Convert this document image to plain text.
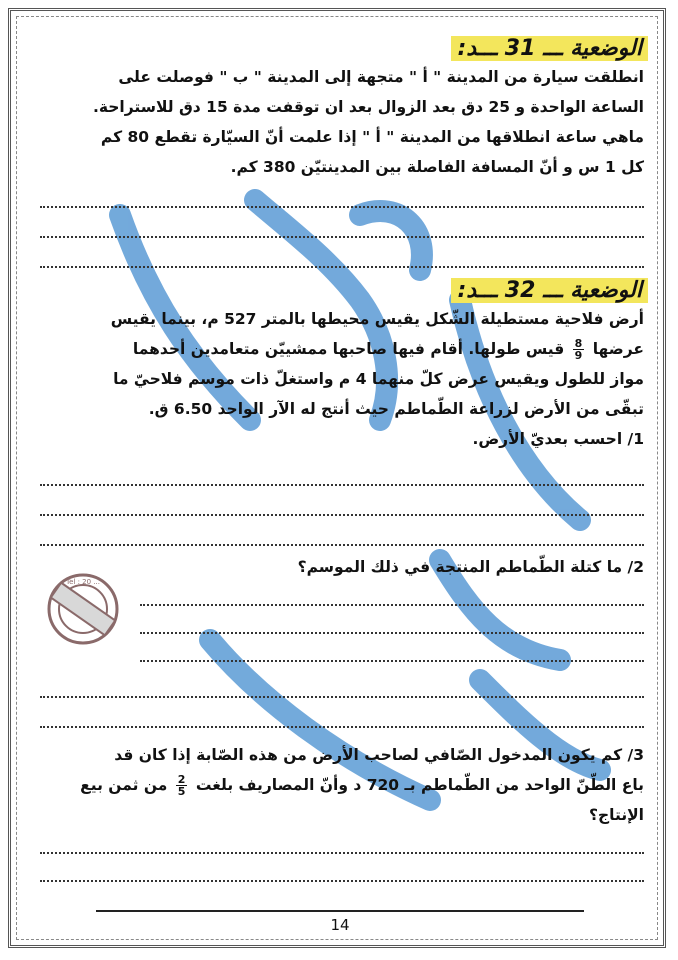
الوضعية ـــ 31 ـــد:

انطلقت سيارة من المدينة " أ " متجهة إلى المدينة " ب " فوصلت على

الساعة الواحدة و 25 دق بعد الزوال بعد ان توقفت مدة 15 دق للاستراحة.

ماهي ساعة انطلاقها من المدينة " أ " إذا علمت أنّ السيّارة تقطع 80 كم

كل 1 س و أنّ المسافة الفاصلة بين المدينتيّن 380 كم.

الوضعية ـــ 32 ـــد:

أرض فلاحية مستطيلة الشّكل يقيس محيطها بالمتر 527 م، بينما يقيس

عرضها
$\frac{8}{9}$
قيس طولها. أقام فيها صاحبها ممشييّن متعامدين أحدهما

مواز للطول ويقيس عرض كلّ منهما 4 م واستغلّ ذات موسم فلاحيّ ما

تبقّى من الأرض لزراعة الطّماطم حيث أنتج له الآر الواحد 6.50 ق.

1/ احسب بعديّ الأرض.

2/ ما كتلة الطّماطم المنتجة في ذلك الموسم؟
Tel : 20 ...

3/ كم يكون المدخول الصّافي لصاحب الأرض من هذه الصّابة إذا كان قد

باع الطّنّ الواحد من الطّماطم بـ 720 د وأنّ المصاريف بلغت
$\frac{2}{5}$
من ثمن بيع

الإنتاج؟

14
